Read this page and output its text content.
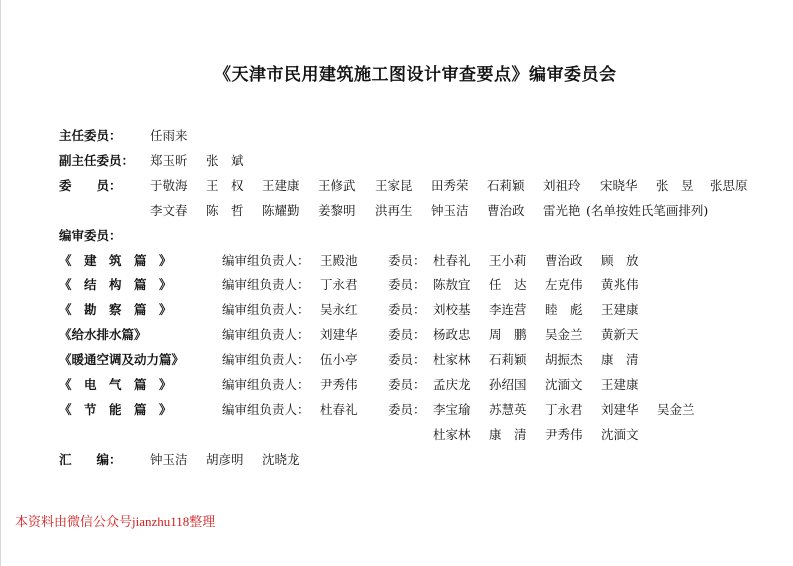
《天津市民用建筑施工图设计审查要点》编审委员会
主任委员： 任雨来
副主任委员： 郑玉昕 张　斌
委　　员： 于敬海 王　权 王建康 王修武 王家昆 田秀荣 石莉颖 刘祖玲 宋晓华 张　昱 张思原
李文春 陈　哲 陈耀勤 姜黎明 洪再生 钟玉洁 曹治政 雷光艳 (名单按姓氏笔画排列)
编审委员：
《　建　筑　篇　》	编审组负责人： 王殿池 委员： 杜春礼 王小莉 曹治政 顾　放
《　结　构　篇　》	编审组负责人： 丁永君 委员： 陈敖宜 任　达 左克伟 黄兆伟
《　勘　察　篇　》	编审组负责人： 吴永红 委员： 刘校基 李连营 睦　彪 王建康
《给水排水篇》	编审组负责人： 刘建华 委员： 杨政忠 周　鹏 吴金兰 黄新天
《暖通空调及动力篇》	编审组负责人： 伍小亭 委员： 杜家林 石莉颖 胡振杰 康　清
《　电　气　篇　》	编审组负责人： 尹秀伟 委员： 孟庆龙 孙绍国 沈湎文 王建康
《　节　能　篇　》	编审组负责人： 杜春礼 委员： 李宝瑜 苏慧英 丁永君 刘建华 吴金兰
杜家林 康　清 尹秀伟 沈湎文
汇　　编： 钟玉洁 胡彦明 沈晓龙
本资料由微信公众号jianzhu118整理
